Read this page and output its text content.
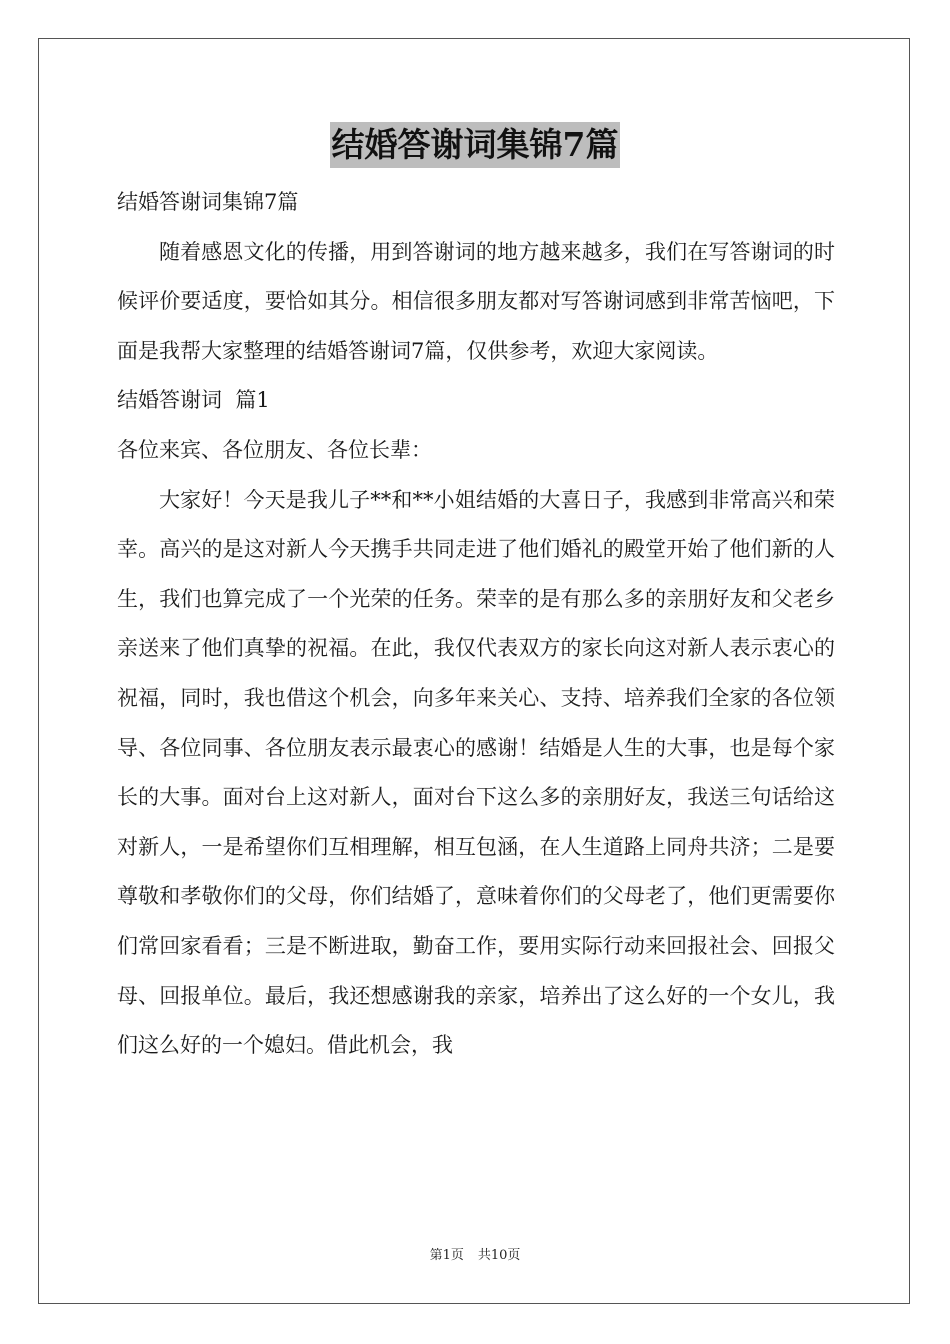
结婚答谢词集锦7篇

结婚答谢词集锦7篇

随着感恩文化的传播，用到答谢词的地方越来越多，我们在写答谢词的时候评价要适度，要恰如其分。相信很多朋友都对写答谢词感到非常苦恼吧，下面是我帮大家整理的结婚答谢词7篇，仅供参考，欢迎大家阅读。

结婚答谢词  篇1

各位来宾、各位朋友、各位长辈：

大家好！今天是我儿子**和**小姐结婚的大喜日子，我感到非常高兴和荣幸。高兴的是这对新人今天携手共同走进了他们婚礼的殿堂开始了他们新的人生，我们也算完成了一个光荣的任务。荣幸的是有那么多的亲朋好友和父老乡亲送来了他们真挚的祝福。在此，我仅代表双方的家长向这对新人表示衷心的祝福，同时，我也借这个机会，向多年来关心、支持、培养我们全家的各位领导、各位同事、各位朋友表示最衷心的感谢！结婚是人生的大事，也是每个家长的大事。面对台上这对新人，面对台下这么多的亲朋好友，我送三句话给这对新人，一是希望你们互相理解，相互包涵，在人生道路上同舟共济；二是要尊敬和孝敬你们的父母，你们结婚了，意味着你们的父母老了，他们更需要你们常回家看看；三是不断进取，勤奋工作，要用实际行动来回报社会、回报父母、回报单位。最后，我还想感谢我的亲家，培养出了这么好的一个女儿，我们这么好的一个媳妇。借此机会，我

第1页 共10页
